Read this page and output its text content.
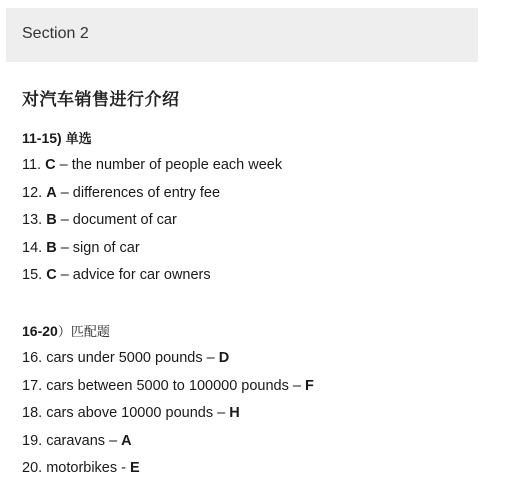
Section 2
对汽车销售进行介绍
11-15) 单选
11. C – the number of people each week
12. A – differences of entry fee
13. B – document of car
14. B – sign of car
15. C – advice for car owners
16-20）匹配题
16. cars under 5000 pounds – D
17. cars between 5000 to 100000 pounds – F
18. cars above 10000 pounds – H
19. caravans – A
20. motorbikes - E
